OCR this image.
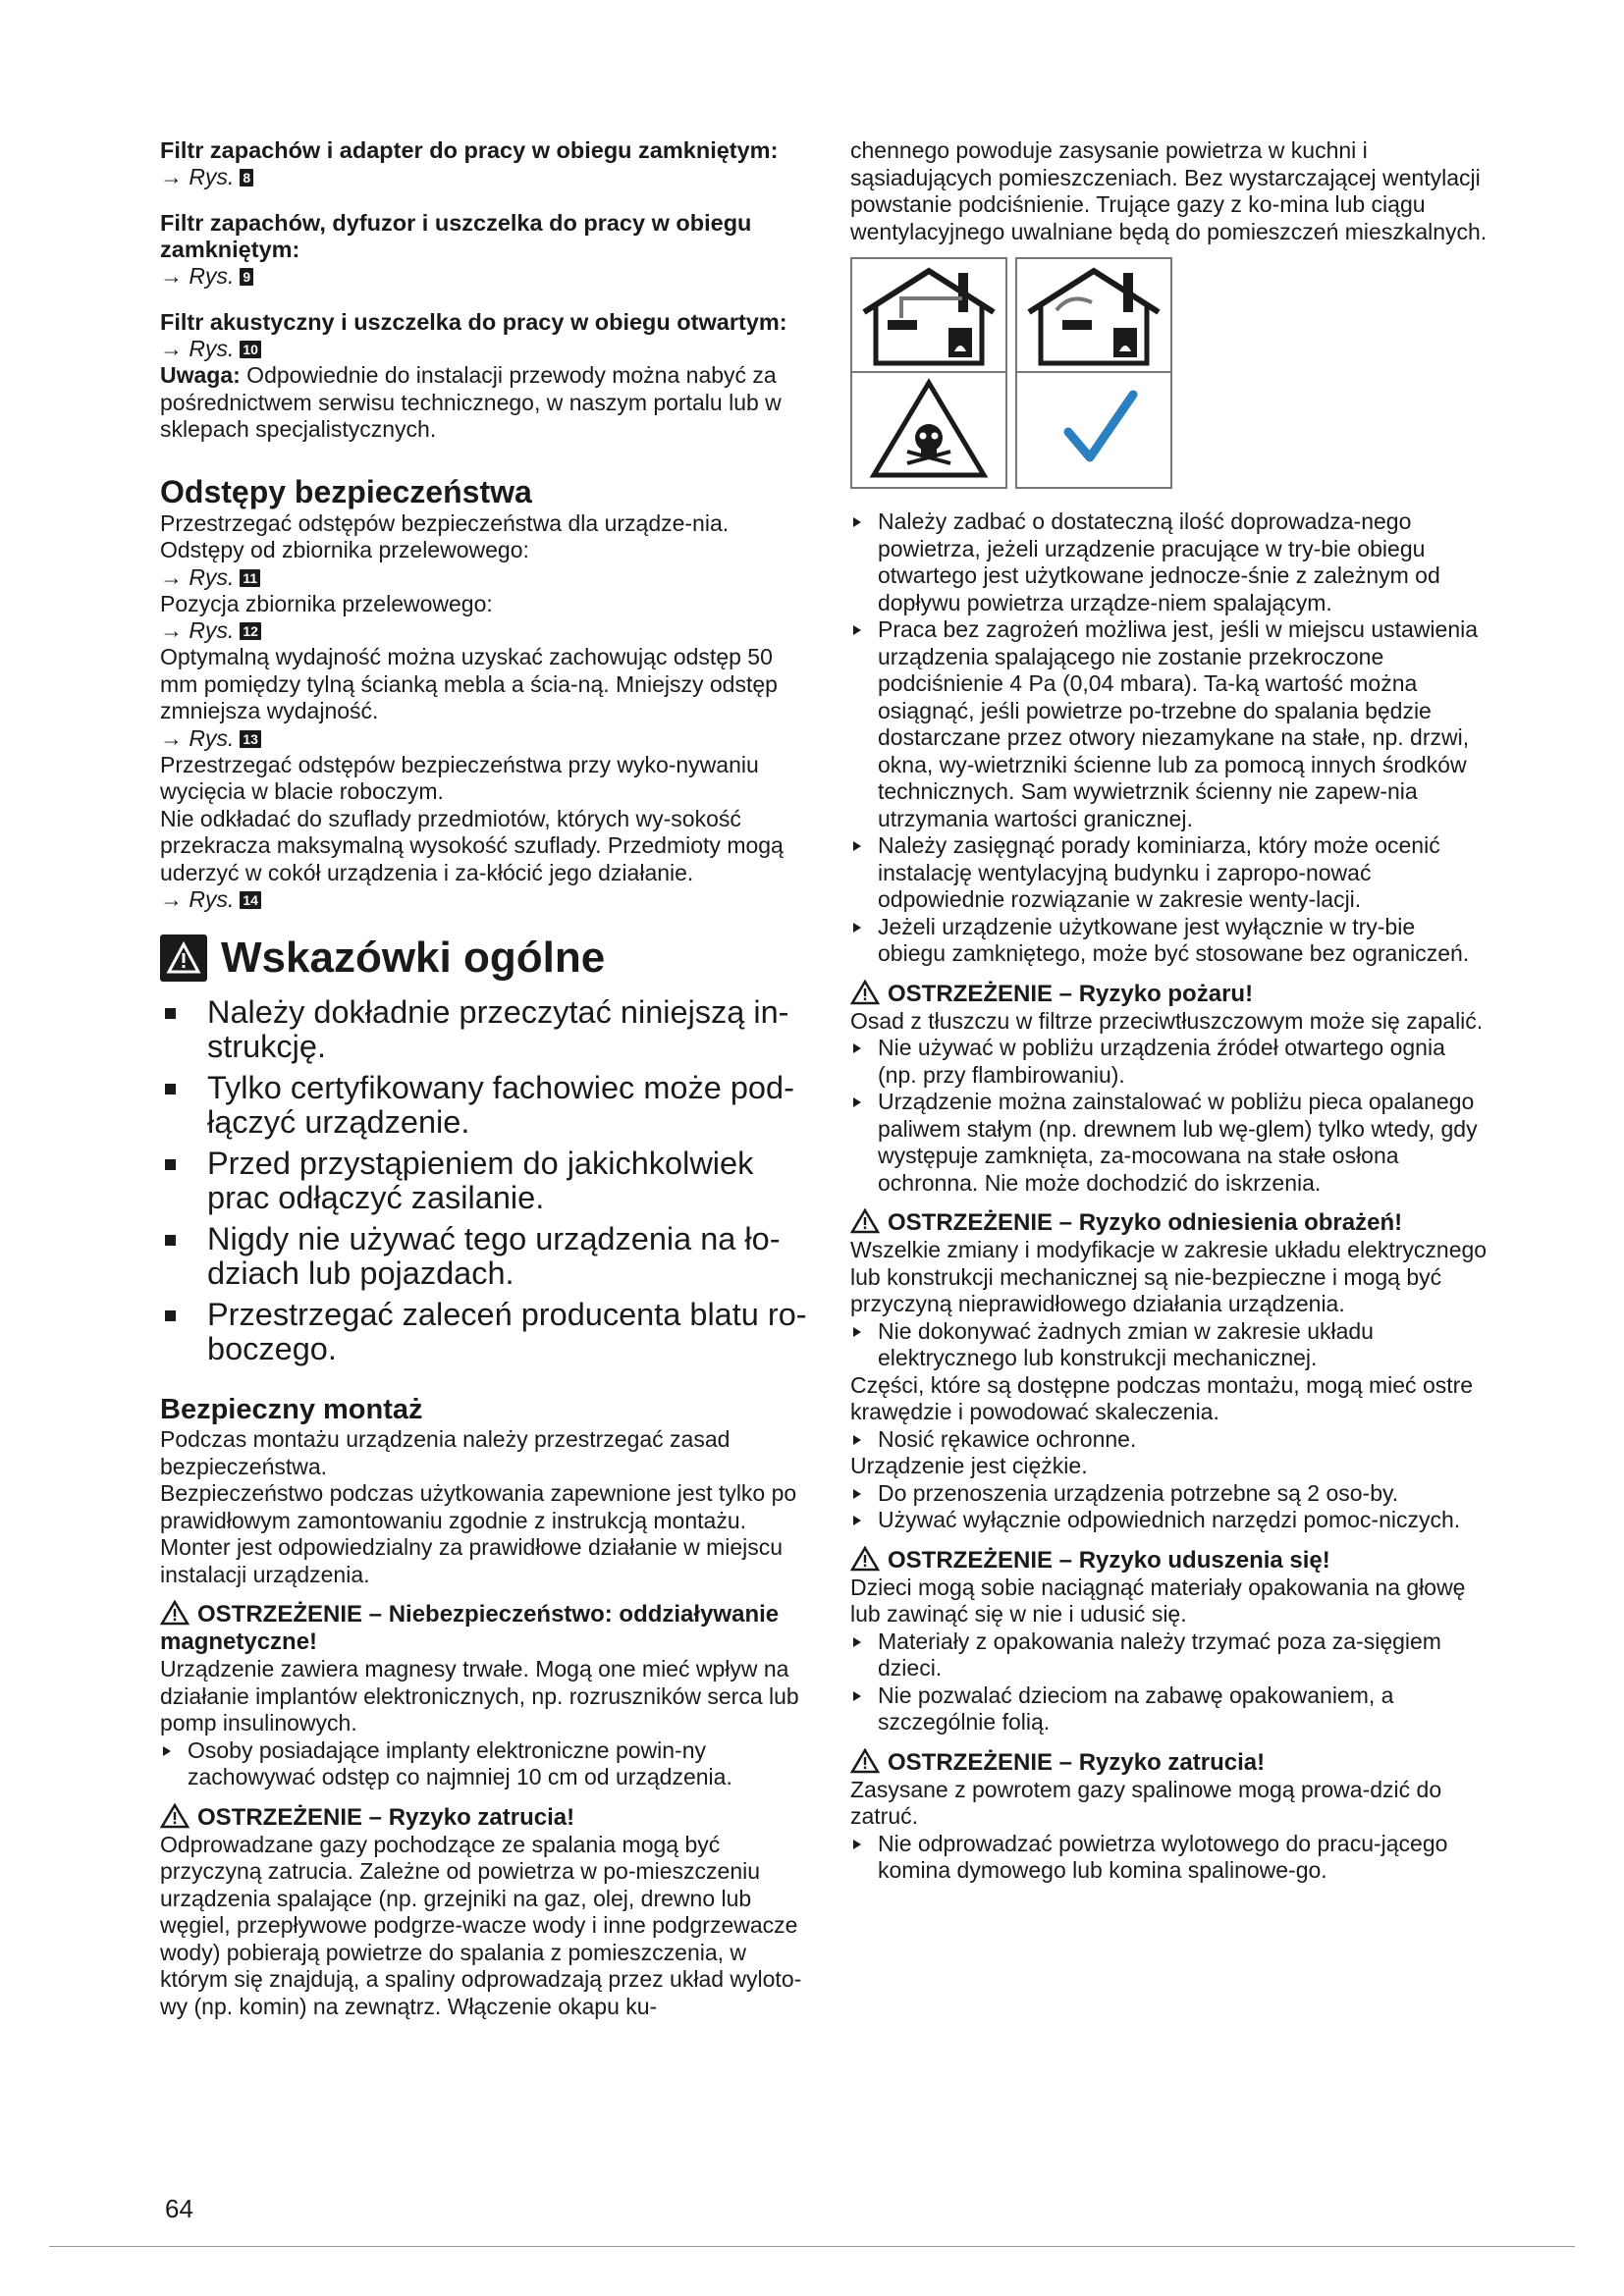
Filtr zapachów i adapter do pracy w obiegu zamkniętym:

→ Rys. 8

Filtr zapachów, dyfuzor i uszczelka do pracy w obiegu zamkniętym:

→ Rys. 9

Filtr akustyczny i uszczelka do pracy w obiegu otwartym:

→ Rys. 10

Uwaga: Odpowiednie do instalacji przewody można nabyć za pośrednictwem serwisu technicznego, w naszym portalu lub w sklepach specjalistycznych.

Odstępy bezpieczeństwa

Przestrzegać odstępów bezpieczeństwa dla urządze-nia.

Odstępy od zbiornika przelewowego:

→ Rys. 11

Pozycja zbiornika przelewowego:

→ Rys. 12

Optymalną wydajność można uzyskać zachowując odstęp 50 mm pomiędzy tylną ścianką mebla a ścia-ną. Mniejszy odstęp zmniejsza wydajność.

→ Rys. 13

Przestrzegać odstępów bezpieczeństwa przy wyko-nywaniu wycięcia w blacie roboczym.

Nie odkładać do szuflady przedmiotów, których wy-sokość przekracza maksymalną wysokość szuflady. Przedmioty mogą uderzyć w cokół urządzenia i za-kłócić jego działanie.

→ Rys. 14

Wskazówki ogólne
Należy dokładnie przeczytać niniejszą in-strukcję.
Tylko certyfikowany fachowiec może pod-łączyć urządzenie.
Przed przystąpieniem do jakichkolwiek prac odłączyć zasilanie.
Nigdy nie używać tego urządzenia na ło-dziach lub pojazdach.
Przestrzegać zaleceń producenta blatu ro-boczego.
Bezpieczny montaż

Podczas montażu urządzenia należy przestrzegać zasad bezpieczeństwa.

Bezpieczeństwo podczas użytkowania zapewnione jest tylko po prawidłowym zamontowaniu zgodnie z instrukcją montażu. Monter jest odpowiedzialny za prawidłowe działanie w miejscu instalacji urządzenia.

OSTRZEŻENIE – Niebezpieczeństwo: oddziaływanie magnetyczne!

Urządzenie zawiera magnesy trwałe. Mogą one mieć wpływ na działanie implantów elektronicznych, np. rozruszników serca lub pomp insulinowych.

Osoby posiadające implanty elektroniczne powin-ny zachowywać odstęp co najmniej 10 cm od urządzenia.

OSTRZEŻENIE – Ryzyko zatrucia!

Odprowadzane gazy pochodzące ze spalania mogą być przyczyną zatrucia. Zależne od powietrza w po-mieszczeniu urządzenia spalające (np. grzejniki na gaz, olej, drewno lub węgiel, przepływowe podgrze-wacze wody i inne podgrzewacze wody) pobierają powietrze do spalania z pomieszczenia, w którym się znajdują, a spaliny odprowadzają przez układ wyloto-wy (np. komin) na zewnątrz. Włączenie okapu ku-

chennego powoduje zasysanie powietrza w kuchni i sąsiadujących pomieszczeniach. Bez wystarczającej wentylacji powstanie podciśnienie. Trujące gazy z ko-mina lub ciągu wentylacyjnego uwalniane będą do pomieszczeń mieszkalnych.

Należy zadbać o dostateczną ilość doprowadza-nego powietrza, jeżeli urządzenie pracujące w try-bie obiegu otwartego jest użytkowane jednocze-śnie z zależnym od dopływu powietrza urządze-niem spalającym.
Praca bez zagrożeń możliwa jest, jeśli w miejscu ustawienia urządzenia spalającego nie zostanie przekroczone podciśnienie 4 Pa (0,04 mbara). Ta-ką wartość można osiągnąć, jeśli powietrze po-trzebne do spalania będzie dostarczane przez otwory niezamykane na stałe, np. drzwi, okna, wy-wietrzniki ścienne lub za pomocą innych środków technicznych. Sam wywietrznik ścienny nie zapew-nia utrzymania wartości granicznej.
Należy zasięgnąć porady kominiarza, który może ocenić instalację wentylacyjną budynku i zapropo-nować odpowiednie rozwiązanie w zakresie wenty-lacji.
Jeżeli urządzenie użytkowane jest wyłącznie w try-bie obiegu zamkniętego, może być stosowane bez ograniczeń.

OSTRZEŻENIE – Ryzyko pożaru!

Osad z tłuszczu w filtrze przeciwtłuszczowym może się zapalić.

Nie używać w pobliżu urządzenia źródeł otwartego ognia (np. przy flambirowaniu).
Urządzenie można zainstalować w pobliżu pieca opalanego paliwem stałym (np. drewnem lub wę-glem) tylko wtedy, gdy występuje zamknięta, za-mocowana na stałe osłona ochronna. Nie może dochodzić do iskrzenia.

OSTRZEŻENIE – Ryzyko odniesienia obrażeń!

Wszelkie zmiany i modyfikacje w zakresie układu elektrycznego lub konstrukcji mechanicznej są nie-bezpieczne i mogą być przyczyną nieprawidłowego działania urządzenia.

Nie dokonywać żadnych zmian w zakresie układu elektrycznego lub konstrukcji mechanicznej.

Części, które są dostępne podczas montażu, mogą mieć ostre krawędzie i powodować skaleczenia.

Nosić rękawice ochronne.

Urządzenie jest ciężkie.

Do przenoszenia urządzenia potrzebne są 2 oso-by.
Używać wyłącznie odpowiednich narzędzi pomoc-niczych.

OSTRZEŻENIE – Ryzyko uduszenia się!

Dzieci mogą sobie naciągnąć materiały opakowania na głowę lub zawinąć się w nie i udusić się.

Materiały z opakowania należy trzymać poza za-sięgiem dzieci.
Nie pozwalać dzieciom na zabawę opakowaniem, a szczególnie folią.

OSTRZEŻENIE – Ryzyko zatrucia!

Zasysane z powrotem gazy spalinowe mogą prowa-dzić do zatruć.

Nie odprowadzać powietrza wylotowego do pracu-jącego komina dymowego lub komina spalinowe-go.
64
